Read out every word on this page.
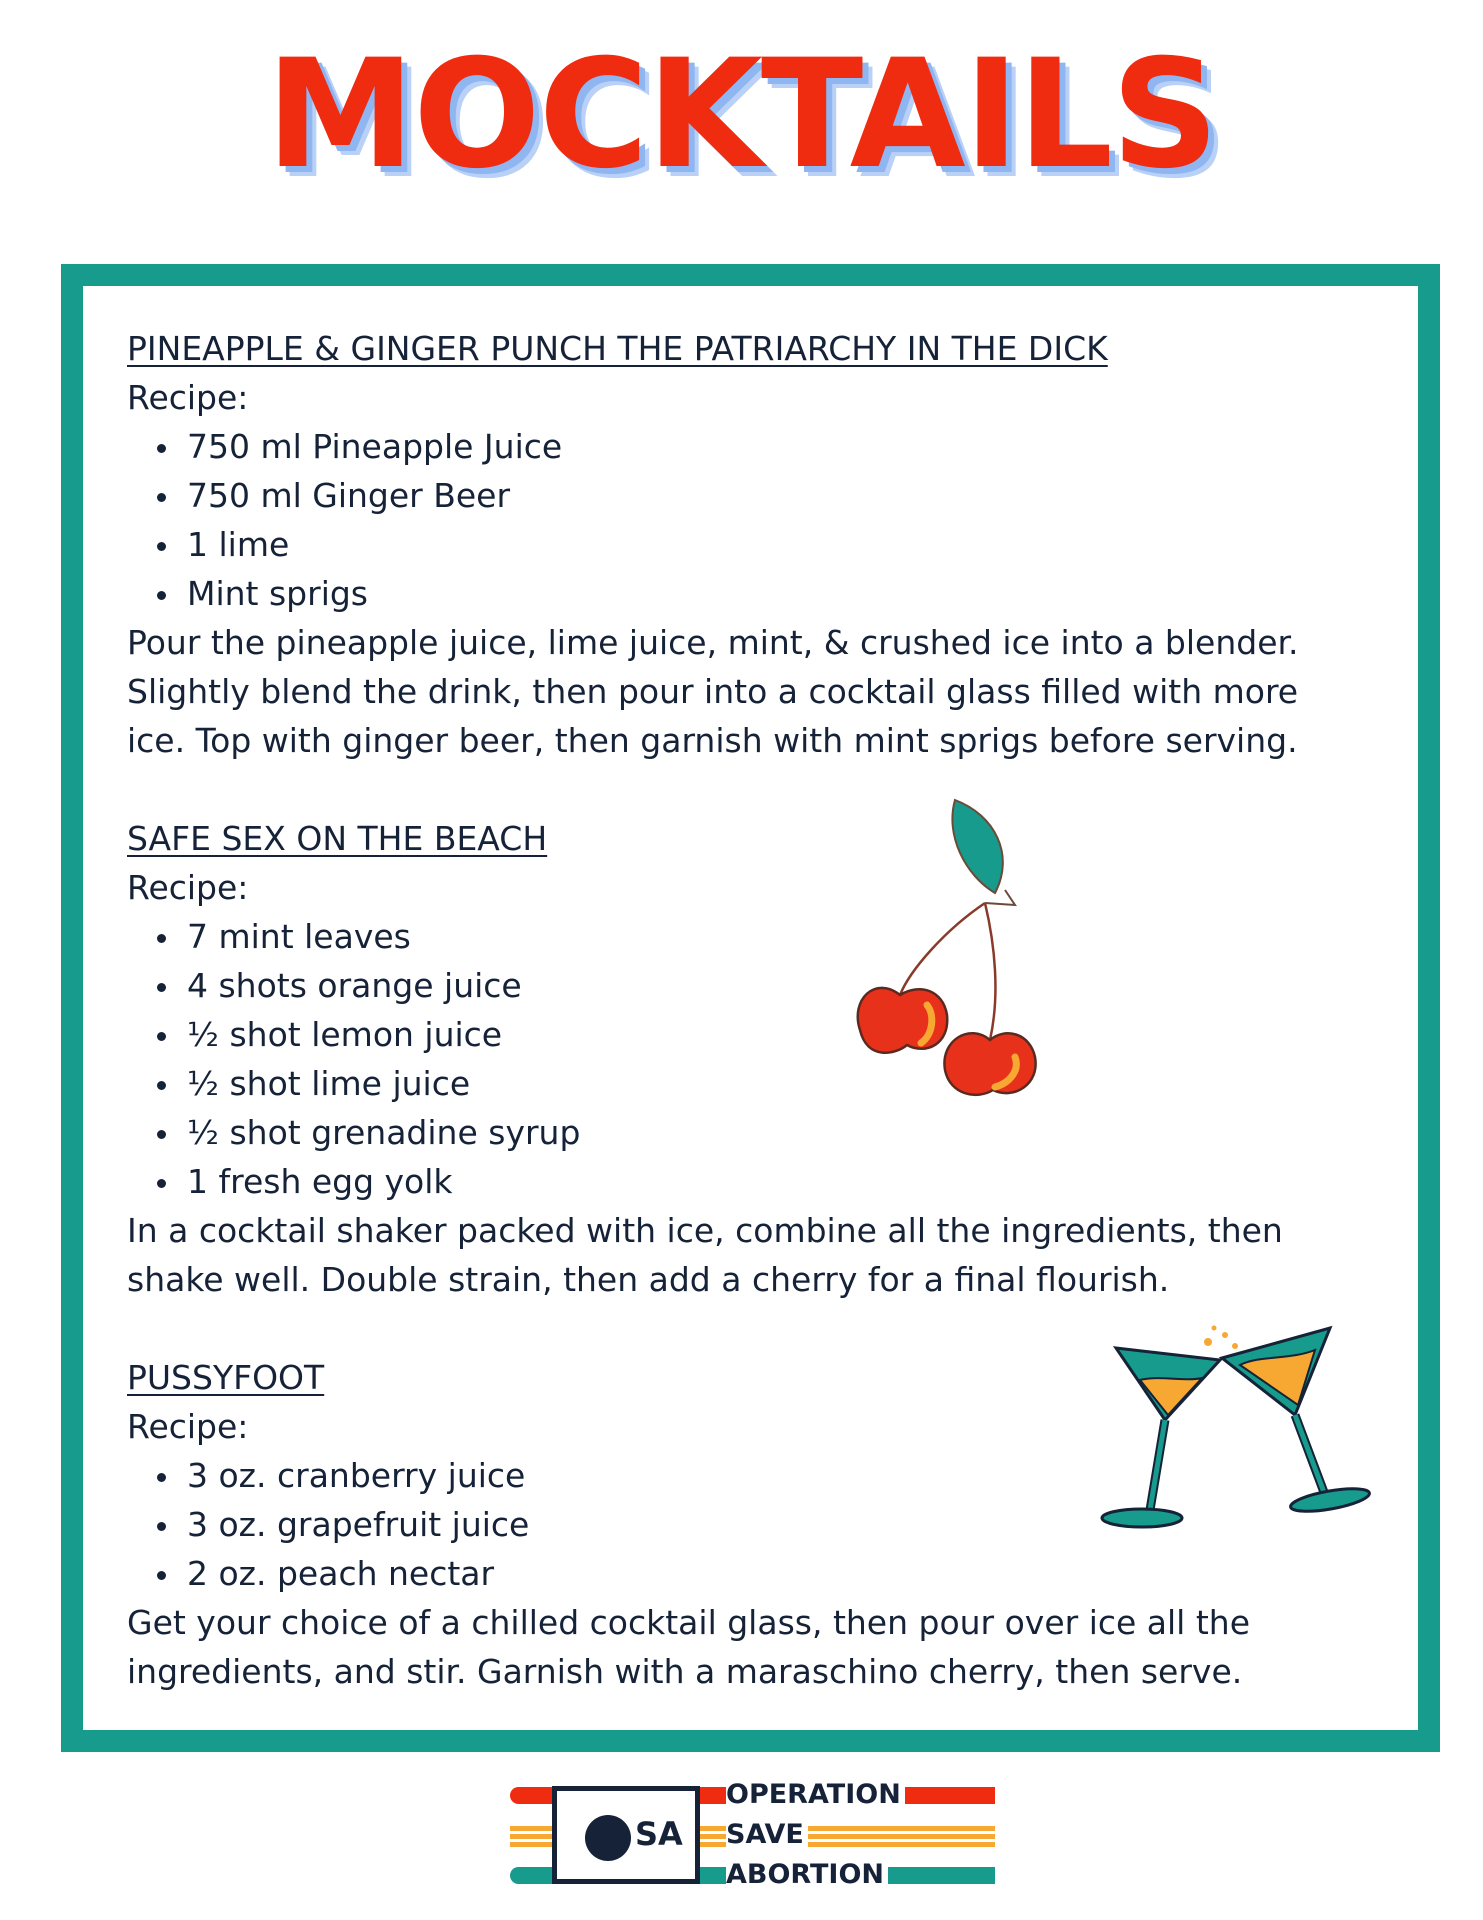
MOCKTAILS
PINEAPPLE & GINGER PUNCH THE PATRIARCHY IN THE DICK
Recipe:
750 ml Pineapple Juice
750 ml Ginger Beer
1 lime
Mint sprigs
Pour the pineapple juice, lime juice, mint, & crushed ice into a blender.
Slightly blend the drink, then pour into a cocktail glass filled with more
ice. Top with ginger beer, then garnish with mint sprigs before serving.
SAFE SEX ON THE BEACH
Recipe:
7 mint leaves
4 shots orange juice
½ shot lemon juice
½ shot lime juice
½ shot grenadine syrup
1 fresh egg yolk
In a cocktail shaker packed with ice, combine all the ingredients, then
shake well. Double strain, then add a cherry for a final flourish.
PUSSYFOOT
Recipe:
3 oz. cranberry juice
3 oz. grapefruit juice
2 oz. peach nectar
Get your choice of a chilled cocktail glass, then pour over ice all the
ingredients, and stir. Garnish with a maraschino cherry, then serve.
SA
OPERATION
SAVE
ABORTION
